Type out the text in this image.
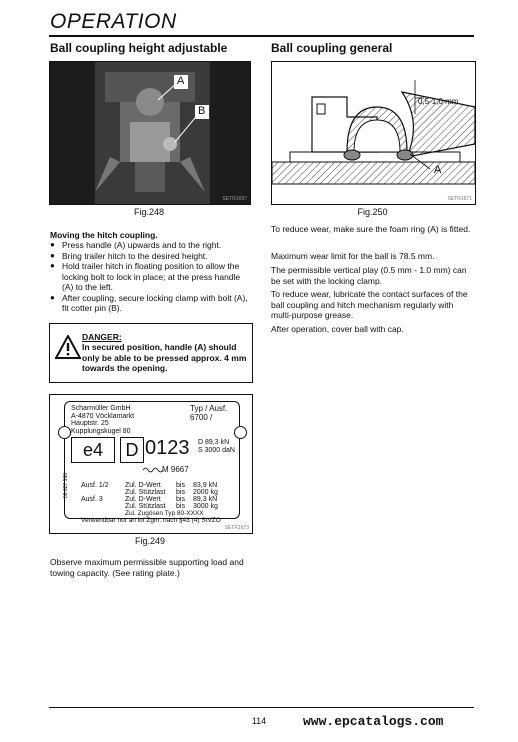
OPERATION
Ball coupling height adjustable
A
B
SETR1697
Fig.248
Moving the hitch coupling.
● Press handle (A) upwards and to the right.
● Bring trailer hitch to the desired height.
● Hold trailer hitch in floating position to allow the locking bolt to lock in place; at the press handle (A) to the left.
● After coupling, secure locking clamp with bolt (A), fit cotter pin (B).
DANGER:
In secured position, handle (A) should only be able to be pressed approx. 4 mm towards the opening.
Scharmüller GmbH
A-4870 Vöcklamarkt
Hauptstr. 25
Kupplungskugel 80
Typ / Ausf.
6700 /
e4	D 0123 D 89,3 kN
S 3000 daN
M 9667
06 627 598 Ausf. 1/2
Ausf. 3
Zul. D-Wert
Zul. Stützlast
Zul. D-Wert
Zul. Stützlast
bis
bis
bis
bis
83,9 kN
2000 kg
89,3 kN
3000 kg
Zul. Zugösen Typ 80-XXXX
Verwendbar nur an lof Zgm. nach §43 (4) StVZO
SETR1673
Fig.249
Observe maximum permissible supporting load and towing capacity. (See rating plate.)
Ball coupling general
0,5-1,0 mm
A
SETR1671
Fig.250
To reduce wear, make sure the foam ring (A) is fitted.
Maximum wear limit for the ball is 78.5 mm.
The permissible vertical play (0.5 mm - 1.0 mm) can be set with the locking clamp.
To reduce wear, lubricate the contact surfaces of the ball coupling and hitch mechanism regularly with multi-purpose grease.
After operation, cover ball with cap.
114	www.epcatalogs.com
